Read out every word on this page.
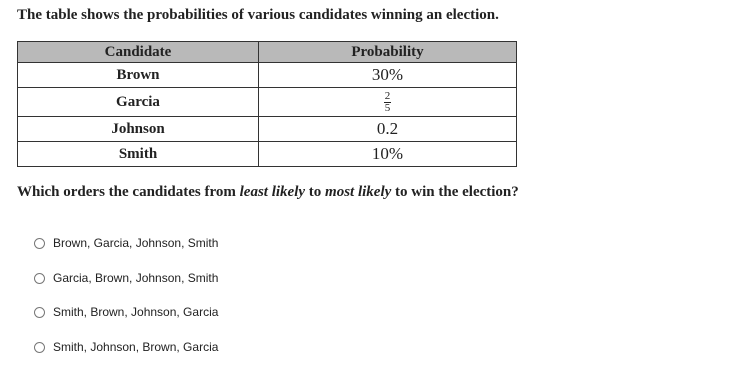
The table shows the probabilities of various candidates winning an election.
Candidate	Probability
Brown	30%
Garcia	$\frac{2}{5}$

Johnson	0.2
Smith	10%
Which orders the candidates from least likely to most likely to win the election?
Brown, Garcia, Johnson, Smith
Garcia, Brown, Johnson, Smith
Smith, Brown, Johnson, Garcia
Smith, Johnson, Brown, Garcia
